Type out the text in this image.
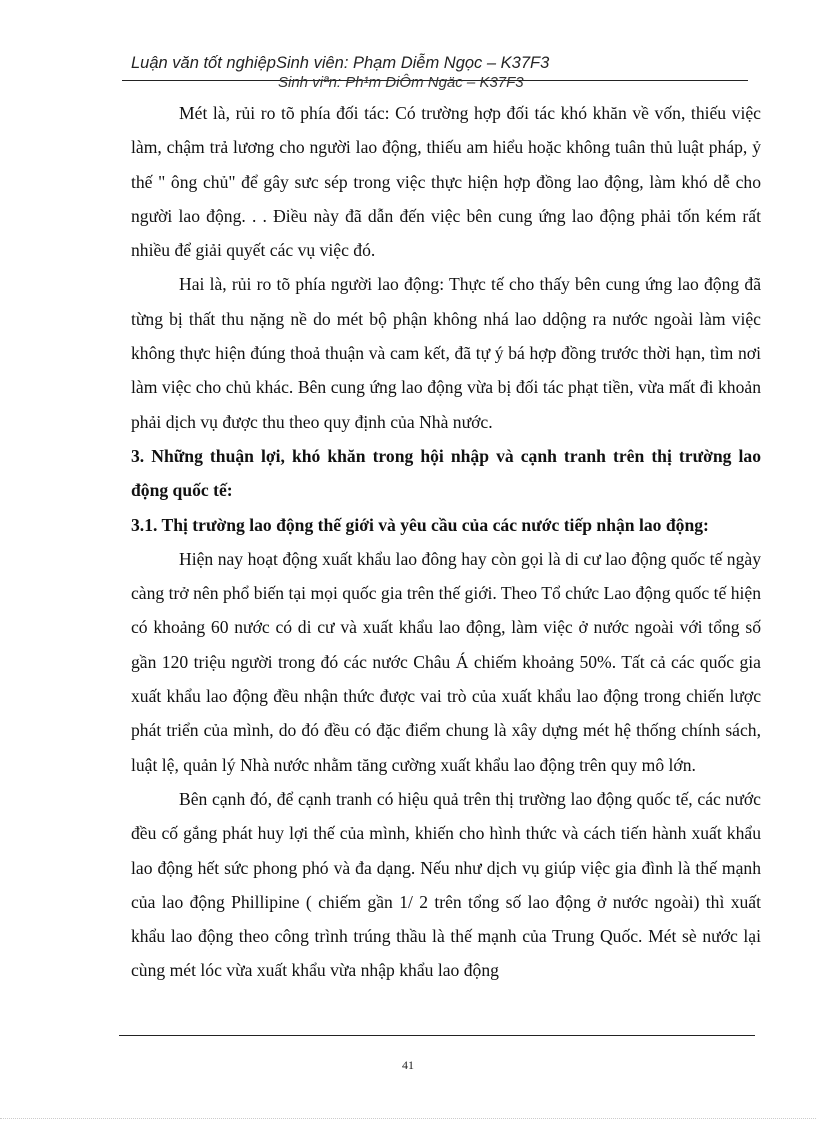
Luận văn tốt nghiệpSinh viên: Phạm Diễm Ngọc – K37F3

Sinh viªn: Ph¹m DiÔm Ngäc – K37F3

Mét là, rủi ro tõ phía đối tác: Có trường hợp đối tác khó khăn về vốn, thiếu việc làm, chậm trả lương cho người lao động, thiếu am hiểu hoặc không tuân thủ luật pháp, ỷ thế " ông chủ" để gây sưc sép trong việc thực hiện hợp đồng lao động, làm khó dễ cho người lao động. . . Điều này đã dẫn đến việc bên cung ứng lao động phải tốn kém rất nhiều để giải quyết các vụ việc đó.

Hai là, rủi ro tõ phía người lao động: Thực tế cho thấy bên cung ứng lao động đã từng bị thất thu nặng nề do mét bộ phận không nhá lao ddộng ra nước ngoài làm việc không thực hiện đúng thoả thuận và cam kết, đã tự ý bá hợp đồng trước thời hạn, tìm nơi làm việc cho chủ khác. Bên cung ứng lao động vừa bị đối tác phạt tiền, vừa mất đi khoản phải dịch vụ được thu theo quy định của Nhà nước.

3. Những thuận lợi, khó khăn trong hội nhập và cạnh tranh trên thị trường lao động quốc tế:

3.1. Thị trường lao động thế giới và yêu cầu của các nước tiếp nhận lao động:

Hiện nay hoạt động xuất khẩu lao đông hay còn gọi là di cư lao động quốc tế ngày càng trở nên phổ biến tại mọi quốc gia trên thế giới. Theo Tổ chức Lao động quốc tế hiện có khoảng 60 nước có di cư và xuất khẩu lao động, làm việc ở nước ngoài với tổng số gần 120 triệu người trong đó các nước Châu Á chiếm khoảng 50%. Tất cả các quốc gia xuất khẩu lao động đều nhận thức được vai trò của xuất khẩu lao động trong chiến lược phát triển của mình, do đó đều có đặc điểm chung là xây dựng mét hệ thống chính sách, luật lệ, quản lý Nhà nước nhằm tăng cường xuất khẩu lao động trên quy mô lớn.

Bên cạnh đó, để cạnh tranh có hiệu quả trên thị trường lao động quốc tế, các nước đều cố gắng phát huy lợi thế của mình, khiến cho hình thức và cách tiến hành xuất khẩu lao động hết sức phong phó và đa dạng. Nếu như dịch vụ giúp việc gia đình là thế mạnh của lao động Phillipine ( chiếm gần 1/ 2 trên tổng số lao động ở nước ngoài) thì xuất khẩu lao động theo công trình trúng thầu là thế mạnh của Trung Quốc. Mét sè nước lại cùng mét lóc vừa xuất khẩu vừa nhập khẩu lao động

41
